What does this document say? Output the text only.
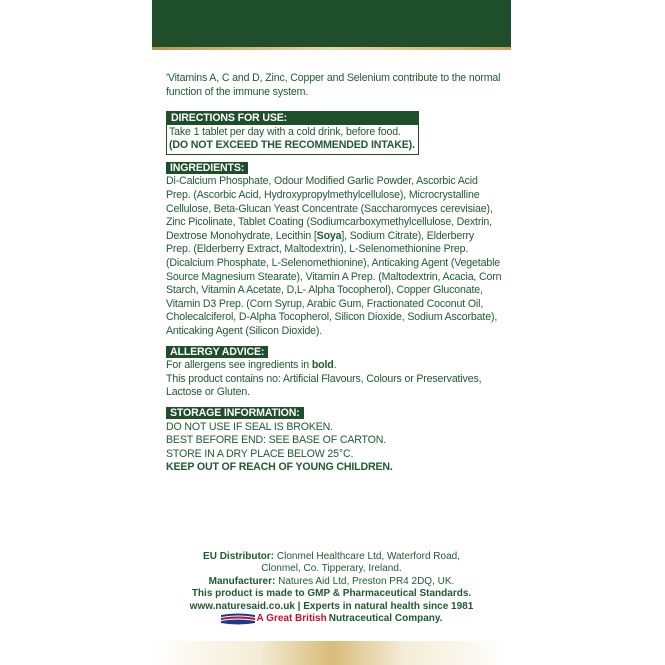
'Vitamins A, C and D, Zinc, Copper and Selenium contribute to the normal
function of the immune system.
DIRECTIONS FOR USE:
Take 1 tablet per day with a cold drink, before food.
(DO NOT EXCEED THE RECOMMENDED INTAKE).
INGREDIENTS:
Di-Calcium Phosphate, Odour Modified Garlic Powder, Ascorbic Acid
Prep. (Ascorbic Acid, Hydroxypropylmethylcellulose), Microcrystalline
Cellulose, Beta-Glucan Yeast Concentrate (Saccharomyces cerevisiae),
Zinc Picolinate, Tablet Coating (Sodiumcarboxymethylcellulose, Dextrin,
Dextrose Monohydrate, Lecithin [Soya], Sodium Citrate), Elderberry
Prep. (Elderberry Extract, Maltodextrin), L-Selenomethionine Prep.
(Dicalcium Phosphate, L-Selenomethionine), Anticaking Agent (Vegetable
Source Magnesium Stearate), Vitamin A Prep. (Maltodextrin, Acacia, Corn
Starch, Vitamin A Acetate, D,L- Alpha Tocopherol), Copper Gluconate,
Vitamin D3 Prep. (Corn Syrup, Arabic Gum, Fractionated Coconut Oil,
Cholecalciferol, D-Alpha Tocopherol, Silicon Dioxide, Sodium Ascorbate),
Anticaking Agent (Silicon Dioxide).
ALLERGY ADVICE:
For allergens see ingredients in bold.
This product contains no: Artificial Flavours, Colours or Preservatives,
Lactose or Gluten.
STORAGE INFORMATION:
DO NOT USE IF SEAL IS BROKEN.
BEST BEFORE END: SEE BASE OF CARTON.
STORE IN A DRY PLACE BELOW 25°C.
KEEP OUT OF REACH OF YOUNG CHILDREN.
EU Distributor: Clonmel Healthcare Ltd, Waterford Road,
Clonmel, Co. Tipperary, Ireland.
Manufacturer: Natures Aid Ltd, Preston PR4 2DQ, UK.
This product is made to GMP & Pharmaceutical Standards.
www.naturesaid.co.uk | Experts in natural health since 1981
A Great British Nutraceutical Company.
